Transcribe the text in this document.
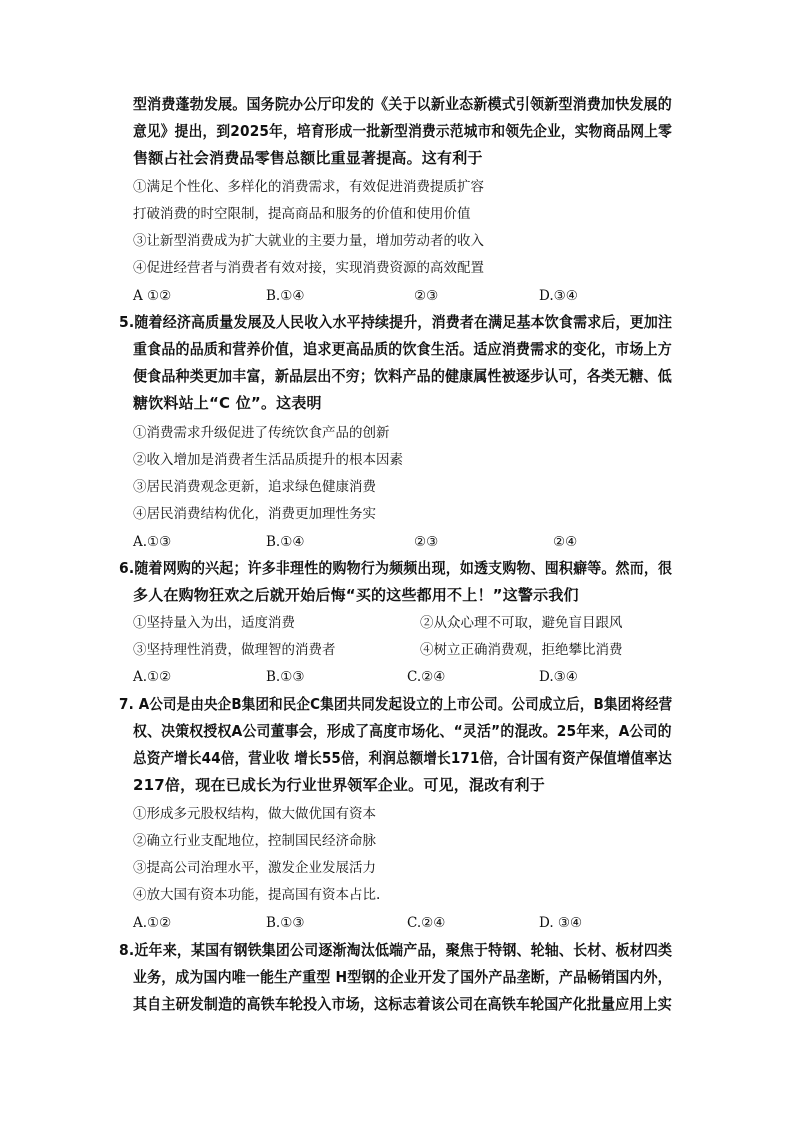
型消费蓬勃发展。国务院办公厅印发的《关于以新业态新模式引领新型消费加快发展的
意见》提出，到2025年，培育形成一批新型消费示范城市和领先企业，实物商品网上零
售额占社会消费品零售总额比重显著提高。这有利于
①满足个性化、多样化的消费需求，有效促进消费提质扩容
打破消费的时空限制，提高商品和服务的价值和使用价值
③让新型消费成为扩大就业的主要力量，增加劳动者的收入
④促进经营者与消费者有效对接，实现消费资源的高效配置
A ①②	B.①④	②③	D.③④
5.随着经济高质量发展及人民收入水平持续提升，消费者在满足基本饮食需求后，更加注
重食品的品质和营养价值，追求更高品质的饮食生活。适应消费需求的变化，市场上方
便食品种类更加丰富，新品层出不穷；饮料产品的健康属性被逐步认可，各类无糖、低
糖饮料站上“C 位”。这表明
①消费需求升级促进了传统饮食产品的创新
②收入增加是消费者生活品质提升的根本因素
③居民消费观念更新，追求绿色健康消费
④居民消费结构优化，消费更加理性务实
A.①③	B.①④	②③	②④
6.随着网购的兴起；许多非理性的购物行为频频出现，如透支购物、囤积癖等。然而，很
多人在购物狂欢之后就开始后悔“买的这些都用不上！”这警示我们
①坚持量入为出，适度消费	②从众心理不可取，避免盲目跟风
③坚持理性消费，做理智的消费者	④树立正确消费观，拒绝攀比消费
A.①②	B.①③	C.②④	D.③④
7. A公司是由央企B集团和民企C集团共同发起设立的上市公司。公司成立后，B集团将经营
权、决策权授权A公司董事会，形成了高度市场化、“灵活”的混改。25年来，A公司的
总资产增长44倍，营业收 增长55倍，利润总额增长171倍，合计国有资产保值增值率达
217倍，现在已成长为行业世界领军企业。可见，混改有利于
①形成多元股权结构，做大做优国有资本
②确立行业支配地位，控制国民经济命脉
③提高公司治理水平，激发企业发展活力
④放大国有资本功能，提高国有资本占比.
A.①②	B.①③	C.②④	D. ③④
8.近年来，某国有钢铁集团公司逐渐淘汰低端产品，聚焦于特钢、轮轴、长材、板材四类
业务，成为国内唯一能生产重型 H型钢的企业开发了国外产品垄断，产品畅销国内外，
其自主研发制造的高铁车轮投入市场，这标志着该公司在高铁车轮国产化批量应用上实
